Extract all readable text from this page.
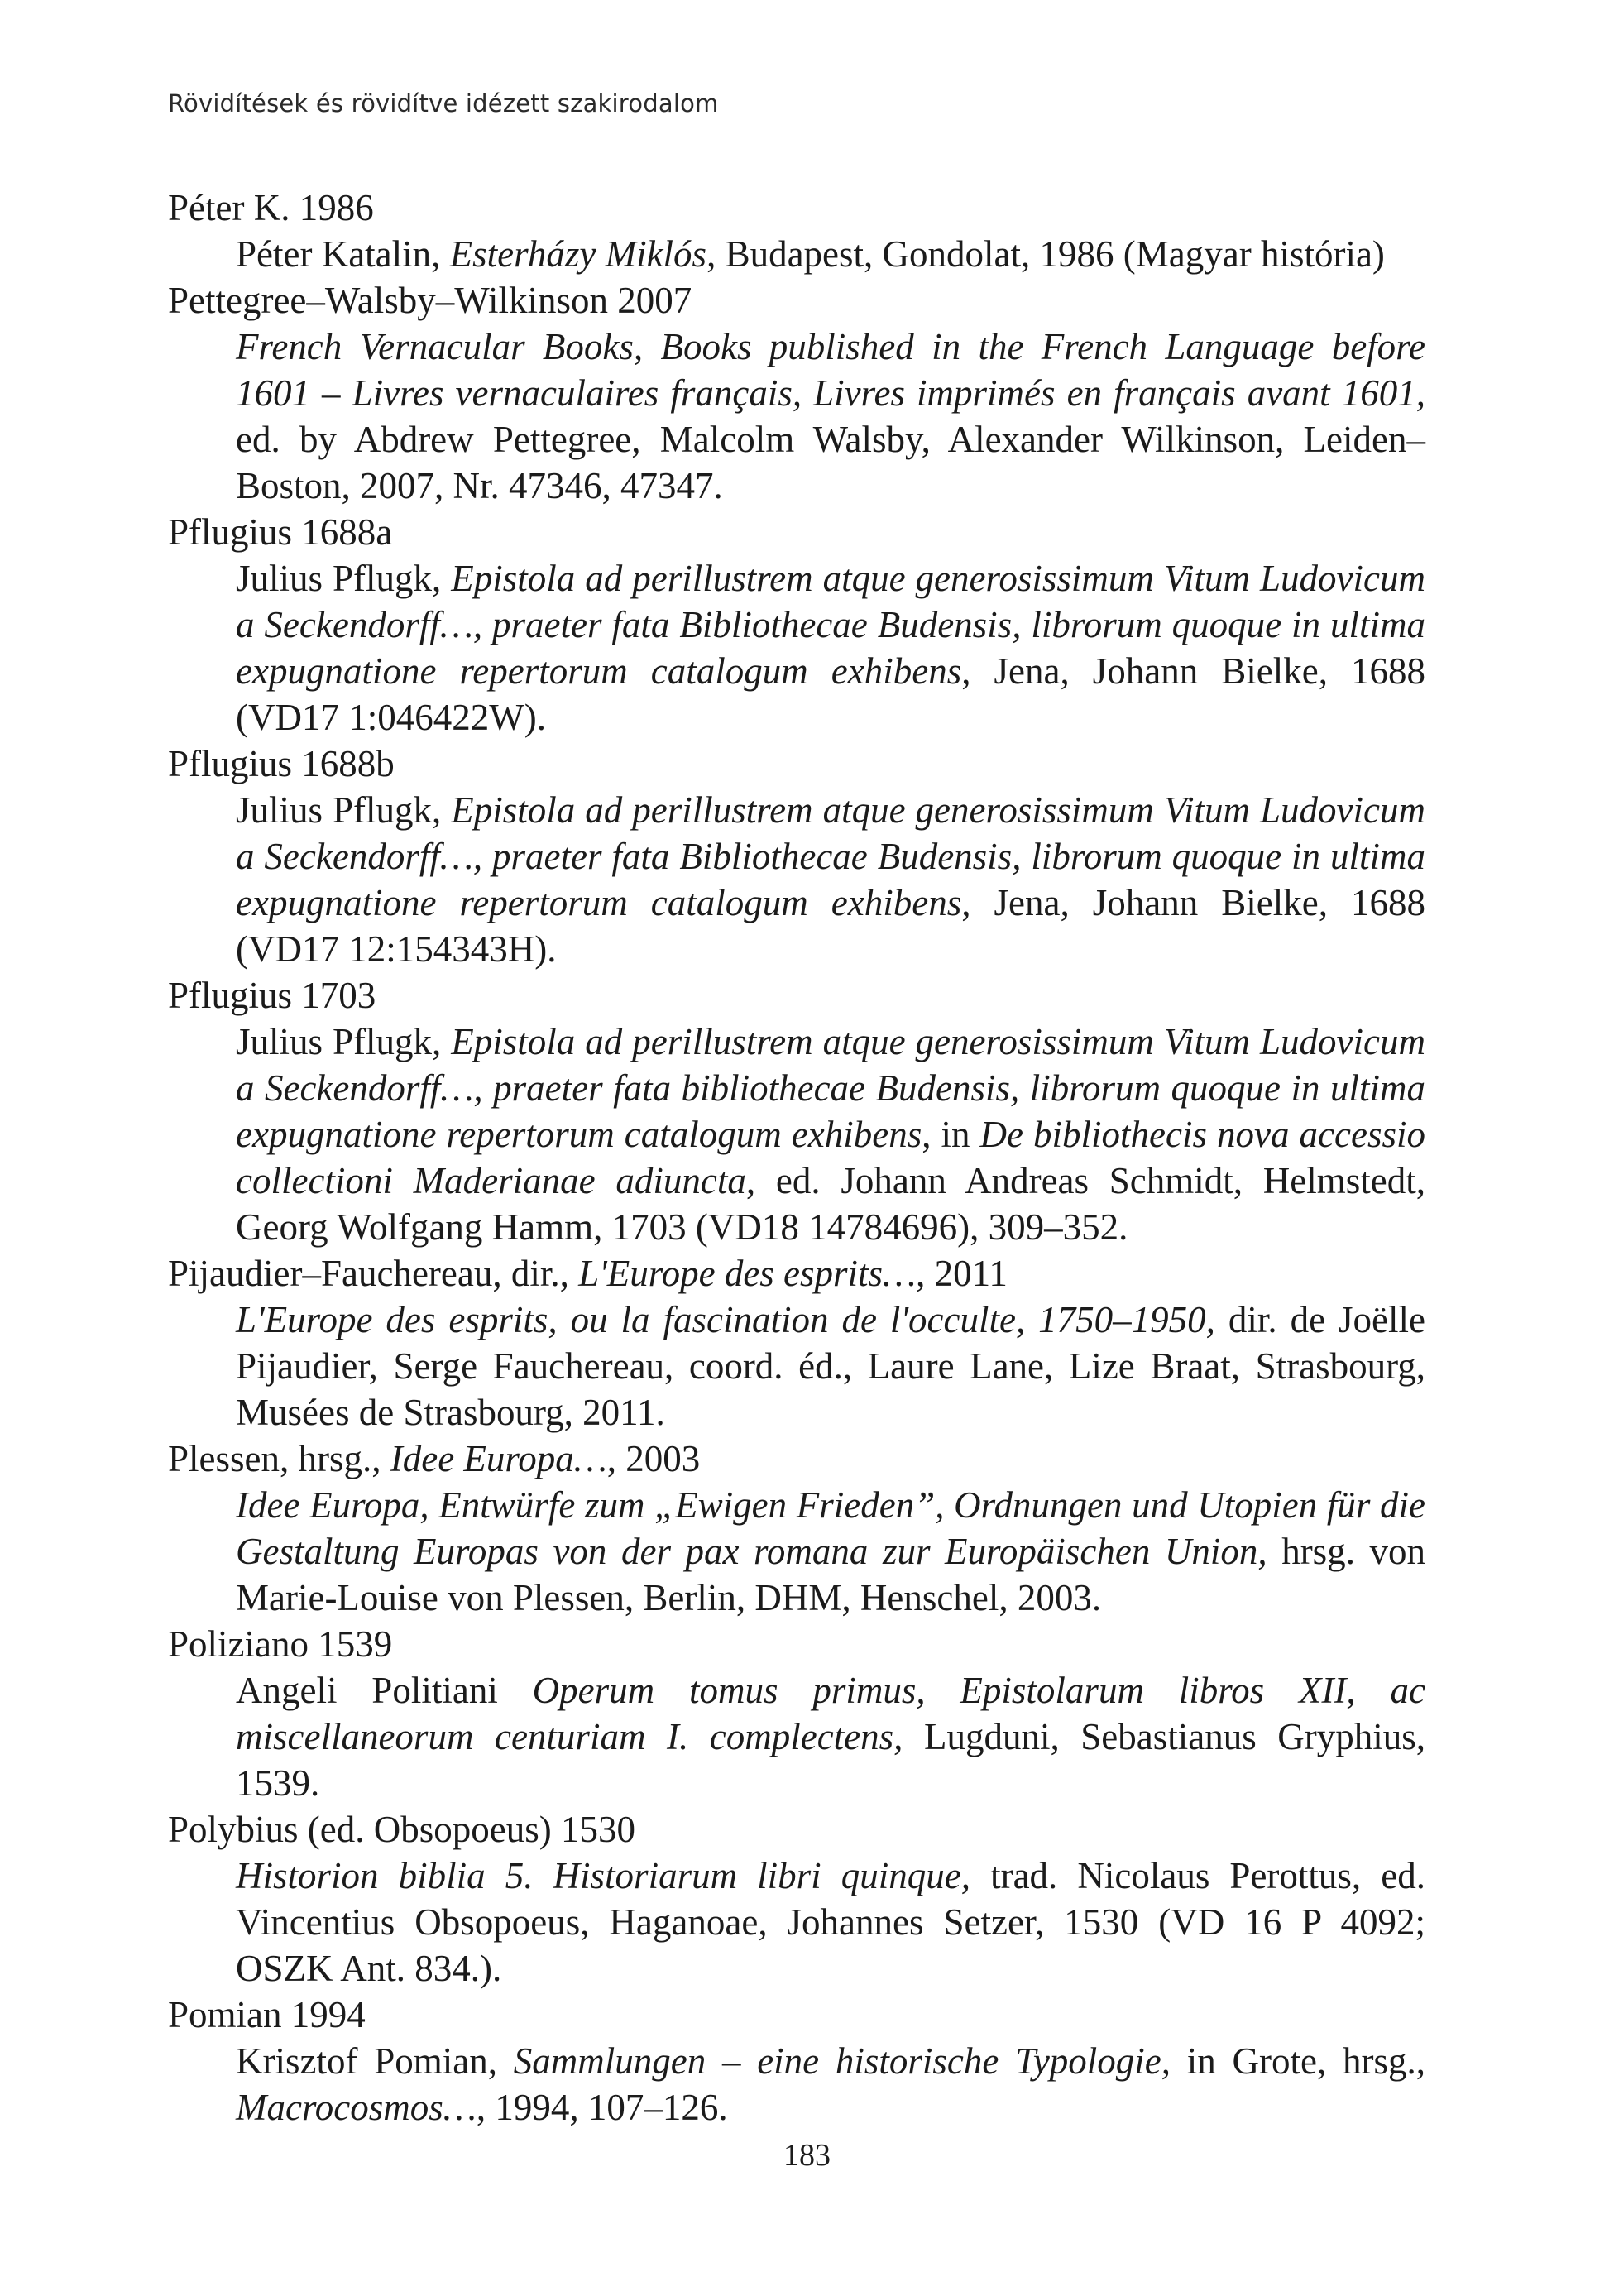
Rövidítések és rövidítve idézett szakirodalom

Péter K. 1986

Péter Katalin, Esterházy Miklós, Budapest, Gondolat, 1986 (Magyar história)

Pettegree–Walsby–Wilkinson 2007

French Vernacular Books, Books published in the French Language before 1601 – Livres vernaculaires français, Livres imprimés en français avant 1601, ed. by Abdrew Pettegree, Malcolm Walsby, Alexander Wilkinson, Leiden–Boston, 2007, Nr. 47346, 47347.

Pflugius 1688a

Julius Pflugk, Epistola ad perillustrem atque generosissimum Vitum Ludovicum a Seckendorff…, praeter fata Bibliothecae Budensis, librorum quoque in ultima expugnatione repertorum catalogum exhibens, Jena, Johann Bielke, 1688 (VD17 1:046422W).

Pflugius 1688b

Julius Pflugk, Epistola ad perillustrem atque generosissimum Vitum Ludovicum a Seckendorff…, praeter fata Bibliothecae Budensis, librorum quoque in ultima expugnatione repertorum catalogum exhibens, Jena, Johann Bielke, 1688 (VD17 12:154343H).

Pflugius 1703

Julius Pflugk, Epistola ad perillustrem atque generosissimum Vitum Ludovicum a Seckendorff…, praeter fata bibliothecae Budensis, librorum quoque in ultima expugnatione repertorum catalogum exhibens, in De bibliothecis nova accessio collectioni Maderianae adiuncta, ed. Johann Andreas Schmidt, Helmstedt, Georg Wolfgang Hamm, 1703 (VD18 14784696), 309–352.

Pijaudier–Fauchereau, dir., L'Europe des esprits…, 2011

L'Europe des esprits, ou la fascination de l'occulte, 1750–1950, dir. de Joëlle Pijaudier, Serge Fauchereau, coord. éd., Laure Lane, Lize Braat, Strasbourg, Musées de Strasbourg, 2011.

Plessen, hrsg., Idee Europa…, 2003

Idee Europa, Entwürfe zum „Ewigen Frieden”, Ordnungen und Utopien für die Gestaltung Europas von der pax romana zur Europäischen Union, hrsg. von Marie-Louise von Plessen, Berlin, DHM, Henschel, 2003.

Poliziano 1539

Angeli Politiani Operum tomus primus, Epistolarum libros XII, ac miscellaneorum centuriam I. complectens, Lugduni, Sebastianus Gryphius, 1539.

Polybius (ed. Obsopoeus) 1530

Historion biblia 5. Historiarum libri quinque, trad. Nicolaus Perottus, ed. Vincentius Obsopoeus, Haganoae, Johannes Setzer, 1530 (VD 16 P 4092; OSZK Ant. 834.).

Pomian 1994

Krisztof Pomian, Sammlungen – eine historische Typologie, in Grote, hrsg., Macrocosmos…, 1994, 107–126.

183
